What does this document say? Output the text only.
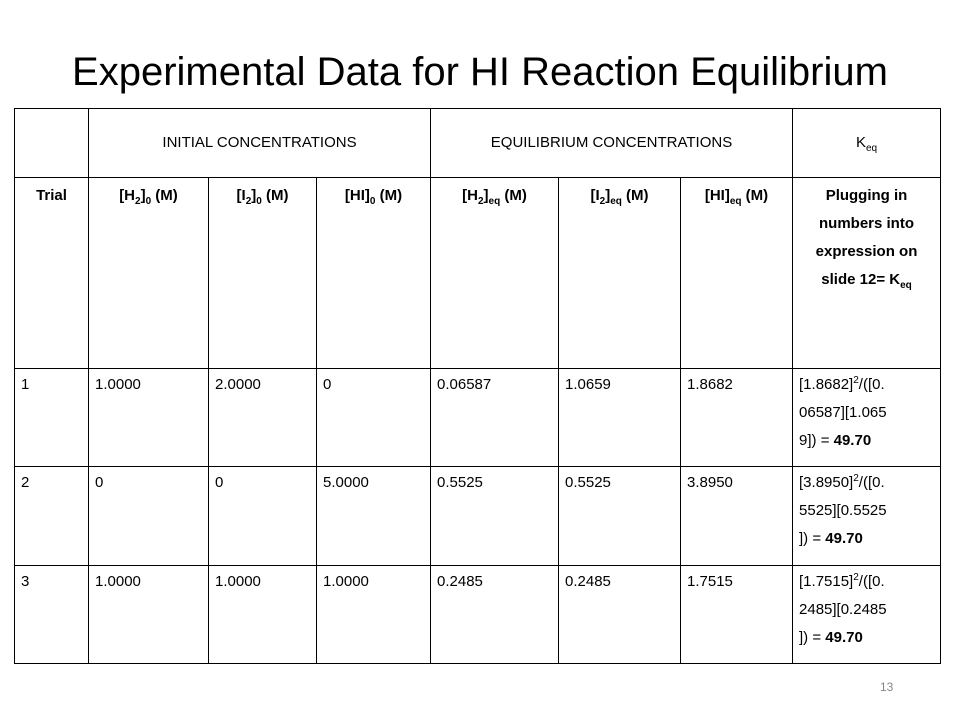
Experimental Data for HI Reaction Equilibrium
	INITIAL CONCENTRATIONS			EQUILIBRIUM CONCENTRATIONS			$K_{eq}$
Trial	$[H_2]_0$ (M)	$[I_2]_0$ (M)	$[HI]_0$ (M)	$[H_2]_{eq}$ (M)	$[I_2]_{eq}$ (M)	$[HI]_{eq}$ (M)	Plugging in numbers into expression on slide $12= K_{eq}$
1	1.0000	2.0000	0	0.06587	1.0659	1.8682	$[1.8682]^2/([0$.
06587][1.065
9]) = 49.70
2	0	0	5.0000	0.5525	0.5525	3.8950	$[3.8950]^2/([0$.
5525][0.5525
]) = 49.70
3	1.0000	1.0000	1.0000	0.2485	0.2485	1.7515	$[1.7515]^2/([0$.
2485][0.2485
]) = 49.70
13
